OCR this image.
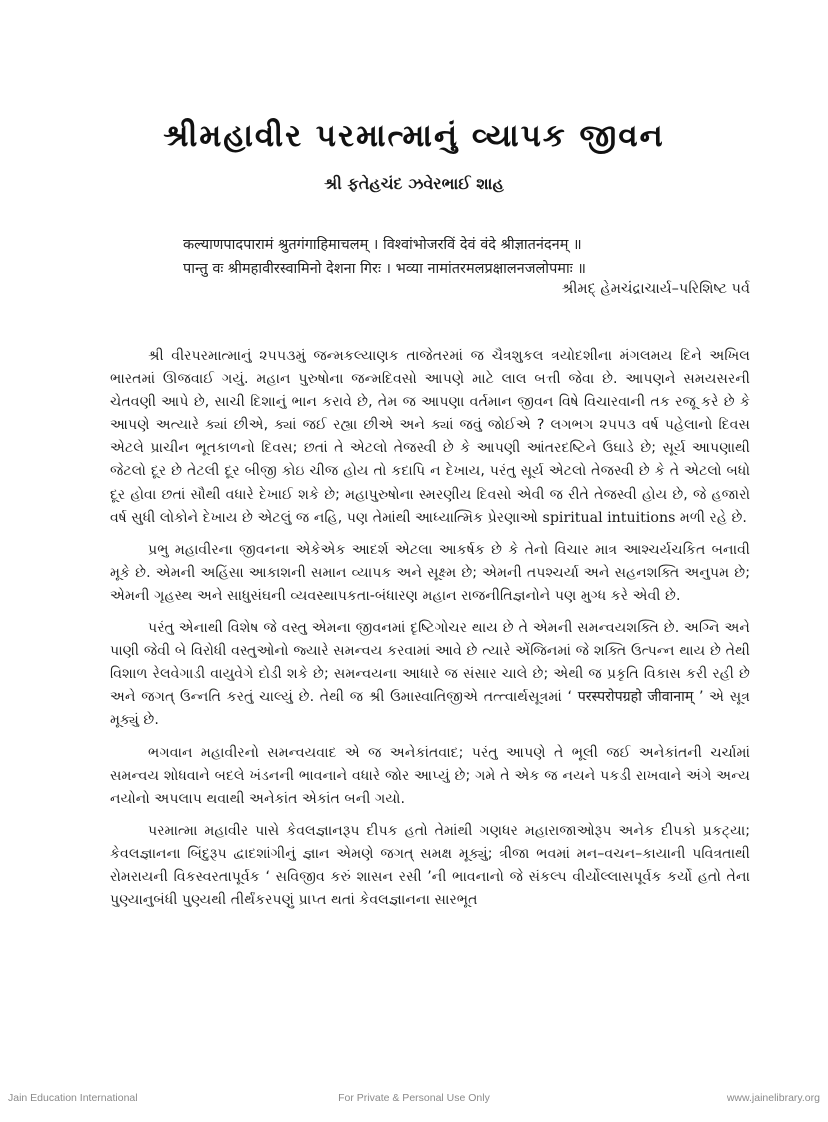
શ્રીમહાવીર પરમાત્માનું વ્યાપક જીવન
શ્રી ફતેહચંદ ઝવેરભાઈ શાહ
कल्याणपादपारामं श्रुतगंगाहिमाचलम् । विश्वांभोजरविं देवं वंदे श्रीज्ञातनंदनम् ॥
पान्तु वः श्रीमहावीरस्वामिनो देशना गिरः । भव्या नामांतरमलप्रक्षालनजलोपमाः ॥
શ્રીમદ્ હેમચંદ્રાચાર્ય–પરિશિષ્ટ પર્વ

શ્રી વીરપરમાત્માનું ૨૫૫૩મું જન્મકલ્યાણક તાજેતરમાં જ ચૈત્રશુકલ ત્રયોદશીના મંગલમય દિને અખિલ ભારતમાં ઊજવાઈ ગયું. મહાન પુરુષોના જન્મદિવસો આપણે માટે લાલ બત્તી જેવા છે. આપણને સમયસરની ચેતવણી આપે છે, સાચી દિશાનું ભાન કરાવે છે, તેમ જ આપણા વર્તમાન જીવન વિષે વિચારવાની તક રજૂ કરે છે કે આપણે અત્યારે ક્યાં છીએ, ક્યાં જઈ રહ્યા છીએ અને ક્યાં જવું જોઈએ ? લગભગ ૨૫૫૩ વર્ષ પહેલાનો દિવસ એટલે પ્રાચીન ભૂતકાળનો દિવસ; છતાં તે એટલો તેજસ્વી છે કે આપણી આંતરદષ્ટિને ઉઘાડે છે; સૂર્ય આપણાથી જેટલો દૂર છે તેટલી દૂર બીજી કોઇ ચીજ હોય તો કદાપિ ન દેખાય, પરંતુ સૂર્ય એટલો તેજસ્વી છે કે તે એટલો બધો દૂર હોવા છતાં સૌથી વધારે દેખાઈ શકે છે; મહાપુરુષોના સ્મરણીય દિવસો એવી જ રીતે તેજસ્વી હોય છે, જે હજારો વર્ષ સુધી લોકોને દેખાય છે એટલું જ નહિ, પણ તેમાંથી આધ્યાત્મિક પ્રેરણાઓ spiritual intuitions મળી રહે છે.

પ્રભુ મહાવીરના જીવનના એકેએક આદર્શ એટલા આકર્ષક છે કે તેનો વિચાર માત્ર આશ્ચર્યચકિત બનાવી મૂકે છે. એમની અહિંસા આકાશની સમાન વ્યાપક અને સૂક્ષ્મ છે; એમની તપશ્ચર્યા અને સહનશક્તિ અનુપમ છે; એમની ગૃહસ્થ અને સાધુસંઘની વ્યવસ્થાપકતા-બંધારણ મહાન રાજનીતિજ્ઞનોને પણ મુગ્ધ કરે એવી છે.

પરંતુ એનાથી વિશેષ જે વસ્તુ એમના જીવનમાં દૃષ્ટિગોચર થાય છે તે એમની સમન્વયશક્તિ છે. અગ્નિ અને પાણી જેવી બે વિરોધી વસ્તુઓનો જ્યારે સમન્વય કરવામાં આવે છે ત્યારે એંજિનમાં જે શક્તિ ઉત્પન્ન થાય છે તેથી વિશાળ રેલવેગાડી વાયુવેગે દોડી શકે છે; સમન્વયના આધારે જ સંસાર ચાલે છે; એથી જ પ્રકૃતિ વિકાસ કરી રહી છે અને જગત્ ઉન્નતિ કરતું ચાલ્યું છે. તેથી જ શ્રી ઉમાસ્વાતિજીએ તત્ત્વાર્થસૂત્રમાં ‘ परस्परोपग्रहो जीवानाम् ’ એ સૂત્ર મૂક્યું છે.

ભગવાન મહાવીરનો સમન્વયવાદ એ જ અનેકાંતવાદ; પરંતુ આપણે તે ભૂલી જઈ અનેકાંતની ચર્ચામાં સમન્વય શોધવાને બદલે ખંડનની ભાવનાને વધારે જોર આપ્યું છે; ગમે તે એક જ નયને પકડી રાખવાને અંગે અન્ય નયોનો અપલાપ થવાથી અનેકાંત એકાંત બની ગયો.

પરમાત્મા મહાવીર પાસે કેવલજ્ઞાનરૂપ દીપક હતો તેમાંથી ગણધર મહારાજાઓરૂપ અનેક દીપકો પ્રકટ્યા; કેવલજ્ઞાનના બિંદુરૂપ દ્વાદશાંગીનું જ્ઞાન એમણે જગત્ સમક્ષ મૂક્યું; ત્રીજા ભવમાં મન–વચન–કાયાની પવિત્રતાથી રોમરાયની વિકસ્વરતાપૂર્વક ‘ સવિજીવ કરું શાસન રસી ’ની ભાવનાનો જે સંકલ્પ વીર્યોલ્લાસપૂર્વક કર્યો હતો તેના પુણ્યાનુબંધી પુણ્યથી તીર્થંકરપણું પ્રાપ્ત થતાં કેવલજ્ઞાનના સારભૂત

Jain Education International	For Private & Personal Use Only	www.jainelibrary.org
